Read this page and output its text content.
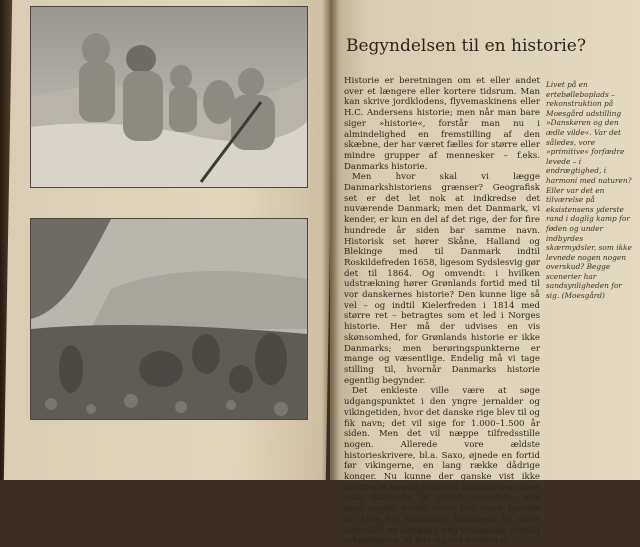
Begyndelsen til en historie?

Historie er beretningen om et eller andet over et længere eller kortere tidsrum. Man kan skrive jordklodens, flyvemaskinens eller H.C. Andersens historie; men når man bare siger »historie«, forstår man nu i almindelighed en fremstilling af den skæbne, der har været fælles for større eller mindre grupper af mennesker – f.eks. Danmarks historie.

Men hvor skal vi lægge Danmarkshistoriens grænser? Geografisk set er det let nok at indkredse det nuværende Danmark; men det Danmark, vi kender, er kun en del af det rige, der for fire hundrede år siden bar samme navn. Historisk set hører Skåne, Halland og Blekinge med til Danmark indtil Roskildefreden 1658, ligesom Sydslesvig gør det til 1864. Og omvendt: i hvilken udstrækning hører Grønlands fortid med til vor danskernes historie? Den kunne lige så vel – og indtil Kielerfreden i 1814 med større ret – betragtes som et led i Norges historie. Her må der udvises en vis skønsomhed, for Grønlands historie er ikke Danmarks; men berøringspunkterne er mange og væsentlige. Endelig må vi tage stilling til, hvornår Danmarks historie egentlig begynder.

Det enkleste ville være at søge udgangspunktet i den yngre jernalder og vikingetiden, hvor det danske rige blev til og fik navn; det vil sige for 1.000–1.500 år siden. Men det vil næppe tilfredsstille nogen. Allerede vore ældste historieskrivere, bl.a. Saxo, øjnede en fortid før vikingerne, en lang række dådrige konger. Nu kunne der ganske vist ikke knyttes et eneste årstal til fortællingen; men man skønnede, at denne »sagntid«, som man sagde, havde varet hen imod tusinde år. Men for halvandet hundrede år siden begyndte en dengang ung videnskab, nemlig arkæologien, at kile sig ind mellem al

Livet på en ertebølleboplads – rekonstruktion på Moesgård udstilling »Danskeren og den ædle vilde«. Var det således, vore »primitive« forfædre levede – i endrægtighed, i harmoni med naturen? Eller var det en tilværelse på eksistensens yderste rand i daglig kamp for føden og under indbyrdes skærmydsler, som ikke levnede nogen nogen overskud? Begge scenerier har sandsynligheden for sig. (Moesgård)
